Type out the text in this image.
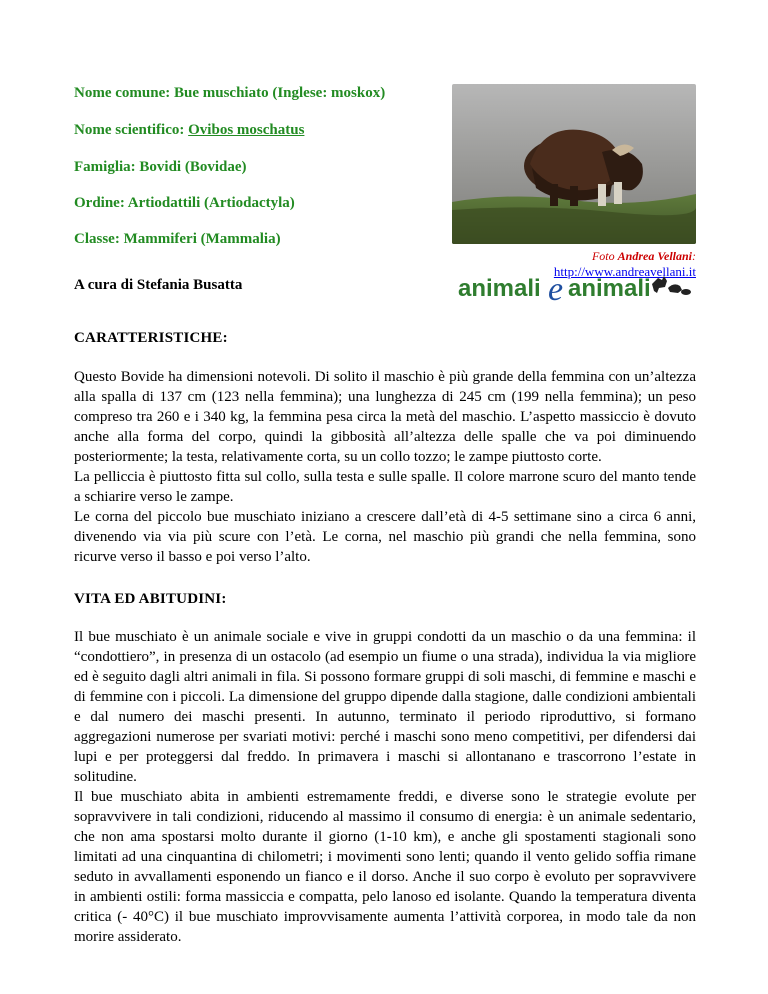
Nome comune: Bue muschiato (Inglese: moskox)
Nome scientifico: Ovibos moschatus
Famiglia: Bovidi (Bovidae)
Ordine: Artiodattili (Artiodactyla)
Classe: Mammiferi (Mammalia)
Foto Andrea Vellani: http://www.andreavellani.it
A cura di Stefania Busatta	animali e animali
CARATTERISTICHE:

Questo Bovide ha dimensioni notevoli. Di solito il maschio è più grande della femmina con un’altezza alla spalla di 137 cm (123 nella femmina); una lunghezza di 245 cm (199 nella femmina); un peso compreso tra 260 e i 340 kg, la femmina pesa circa la metà del maschio. L’aspetto massiccio è dovuto anche alla forma del corpo, quindi la gibbosità all’altezza delle spalle che va poi diminuendo posteriormente; la testa, relativamente corta, su un collo tozzo; le zampe piuttosto corte.

La pelliccia è piuttosto fitta sul collo, sulla testa e sulle spalle. Il colore marrone scuro del manto tende a schiarire verso le zampe.

Le corna del piccolo bue muschiato iniziano a crescere dall’età di 4-5 settimane sino a circa 6 anni, divenendo via via più scure con l’età. Le corna, nel maschio più grandi che nella femmina, sono ricurve verso il basso e poi verso l’alto.

VITA ED ABITUDINI:

Il bue muschiato è un animale sociale e vive in gruppi condotti da un maschio o da una femmina: il “condottiero”, in presenza di un ostacolo (ad esempio un fiume o una strada), individua la via migliore ed è seguito dagli altri animali in fila. Si possono formare gruppi di soli maschi, di femmine e maschi e di femmine con i piccoli. La dimensione del gruppo dipende dalla stagione, dalle condizioni ambientali e dal numero dei maschi presenti. In autunno, terminato il periodo riproduttivo, si formano aggregazioni numerose per svariati motivi: perché i maschi sono meno competitivi, per difendersi dai lupi e per proteggersi dal freddo. In primavera i maschi si allontanano e trascorrono l’estate in solitudine.

Il bue muschiato abita in ambienti estremamente freddi, e diverse sono le strategie evolute per sopravvivere in tali condizioni, riducendo al massimo il consumo di energia: è un animale sedentario, che non ama spostarsi molto durante il giorno (1-10 km), e anche gli spostamenti stagionali sono limitati ad una cinquantina di chilometri; i movimenti sono lenti; quando il vento gelido soffia rimane seduto in avvallamenti esponendo un fianco e il dorso. Anche il suo corpo è evoluto per sopravvivere in ambienti ostili: forma massiccia e compatta, pelo lanoso ed isolante. Quando la temperatura diventa critica (- 40°C) il bue muschiato improvvisamente aumenta l’attività corporea, in modo tale da non morire assiderato.
